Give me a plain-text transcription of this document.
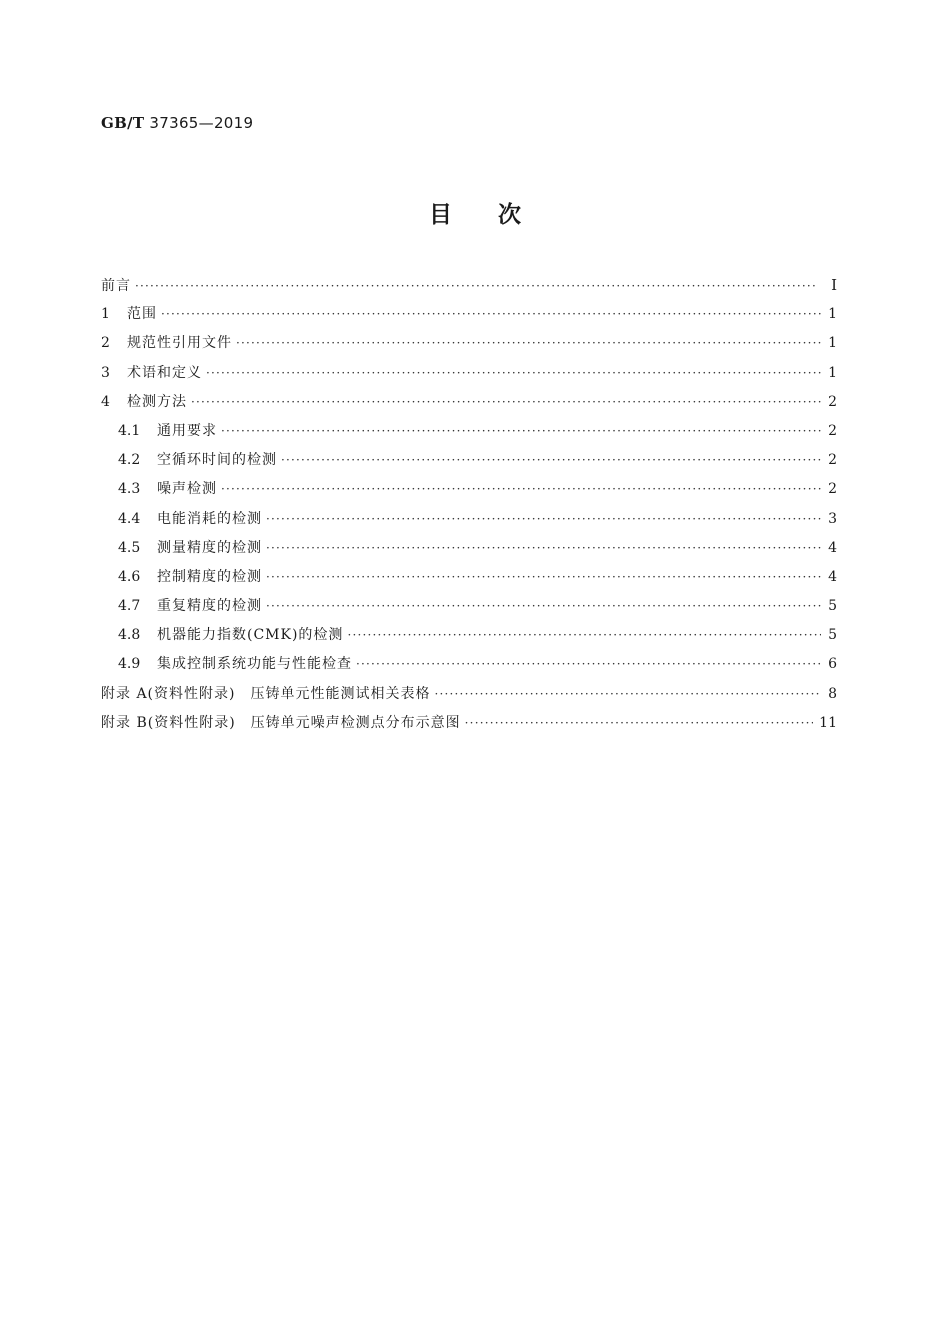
GB/T 37365—2019
目次
前言 ·····	Ⅰ
1	范围 ·····	1
2	规范性引用文件 ·····	1
3	术语和定义 ·····	1
4	检测方法 ·····	2
4.1	通用要求 ·····	2
4.2	空循环时间的检测 ·····	2
4.3	噪声检测 ·····	2
4.4	电能消耗的检测 ·····	3
4.5	测量精度的检测 ·····	4
4.6	控制精度的检测 ·····	4
4.7	重复精度的检测 ·····	5
4.8	机器能力指数(CMK)的检测 ·····	5
4.9	集成控制系统功能与性能检查 ·····	6
附录 A(资料性附录)　压铸单元性能测试相关表格 ·····	8
附录 B(资料性附录)　压铸单元噪声检测点分布示意图 ·····	11
